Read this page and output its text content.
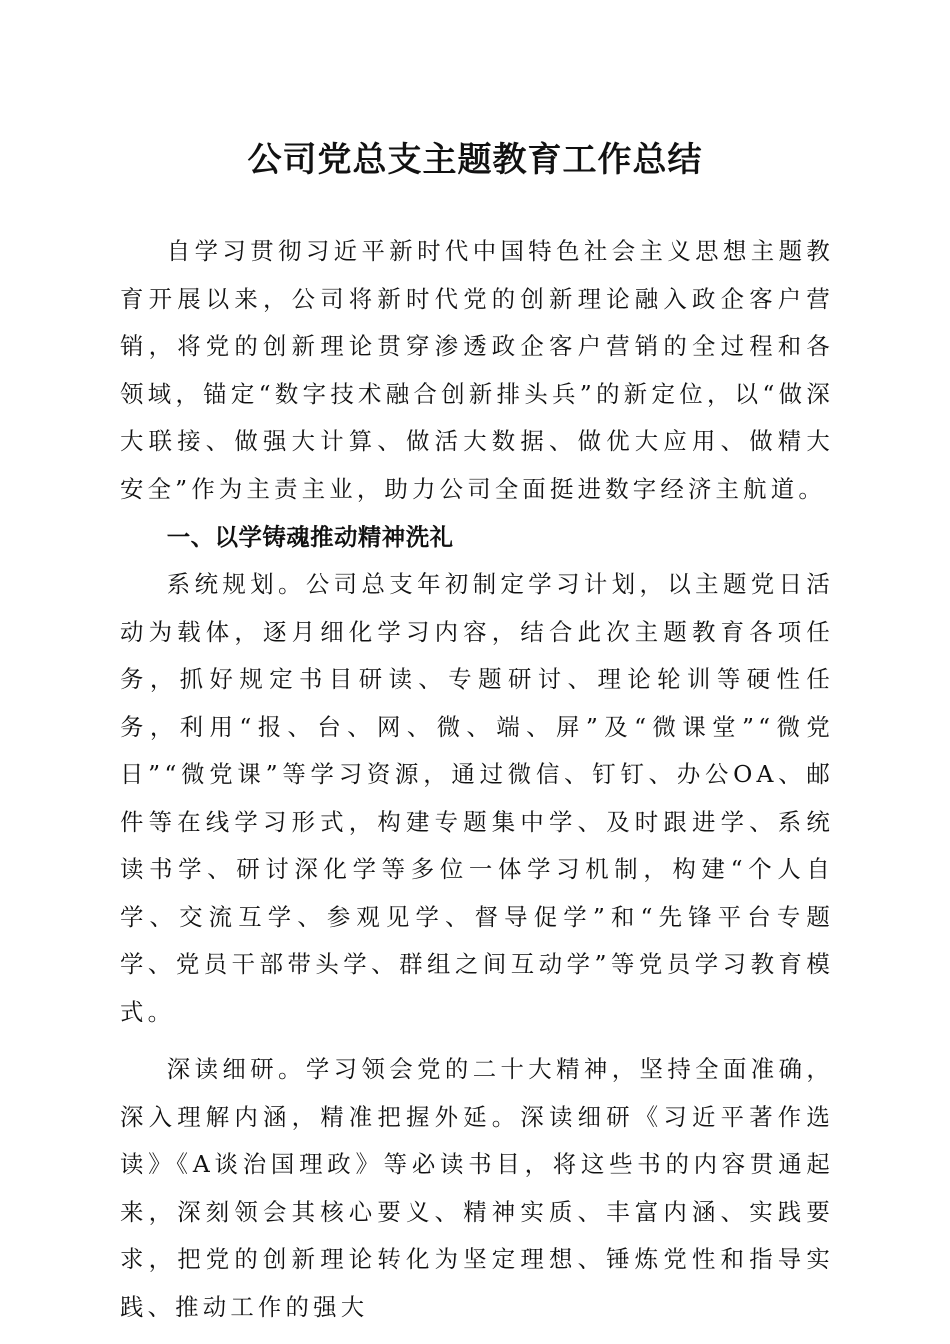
公司党总支主题教育工作总结

自学习贯彻习近平新时代中国特色社会主义思想主题教育开展以来，公司将新时代党的创新理论融入政企客户营销，将党的创新理论贯穿渗透政企客户营销的全过程和各领域，锚定“数字技术融合创新排头兵”的新定位，以“做深大联接、做强大计算、做活大数据、做优大应用、做精大安全”作为主责主业，助力公司全面挺进数字经济主航道。

一、以学铸魂推动精神洗礼

系统规划。公司总支年初制定学习计划，以主题党日活动为载体，逐月细化学习内容，结合此次主题教育各项任务，抓好规定书目研读、专题研讨、理论轮训等硬性任务，利用“报、台、网、微、端、屏”及“微课堂”“微党日”“微党课”等学习资源，通过微信、钉钉、办公OA、邮件等在线学习形式，构建专题集中学、及时跟进学、系统读书学、研讨深化学等多位一体学习机制，构建“个人自学、交流互学、参观见学、督导促学”和“先锋平台专题学、党员干部带头学、群组之间互动学”等党员学习教育模式。

深读细研。学习领会党的二十大精神，坚持全面准确，深入理解内涵，精准把握外延。深读细研《习近平著作选读》《A谈治国理政》等必读书目，将这些书的内容贯通起来，深刻领会其核心要义、精神实质、丰富内涵、实践要求，把党的创新理论转化为坚定理想、锤炼党性和指导实践、推动工作的强大
